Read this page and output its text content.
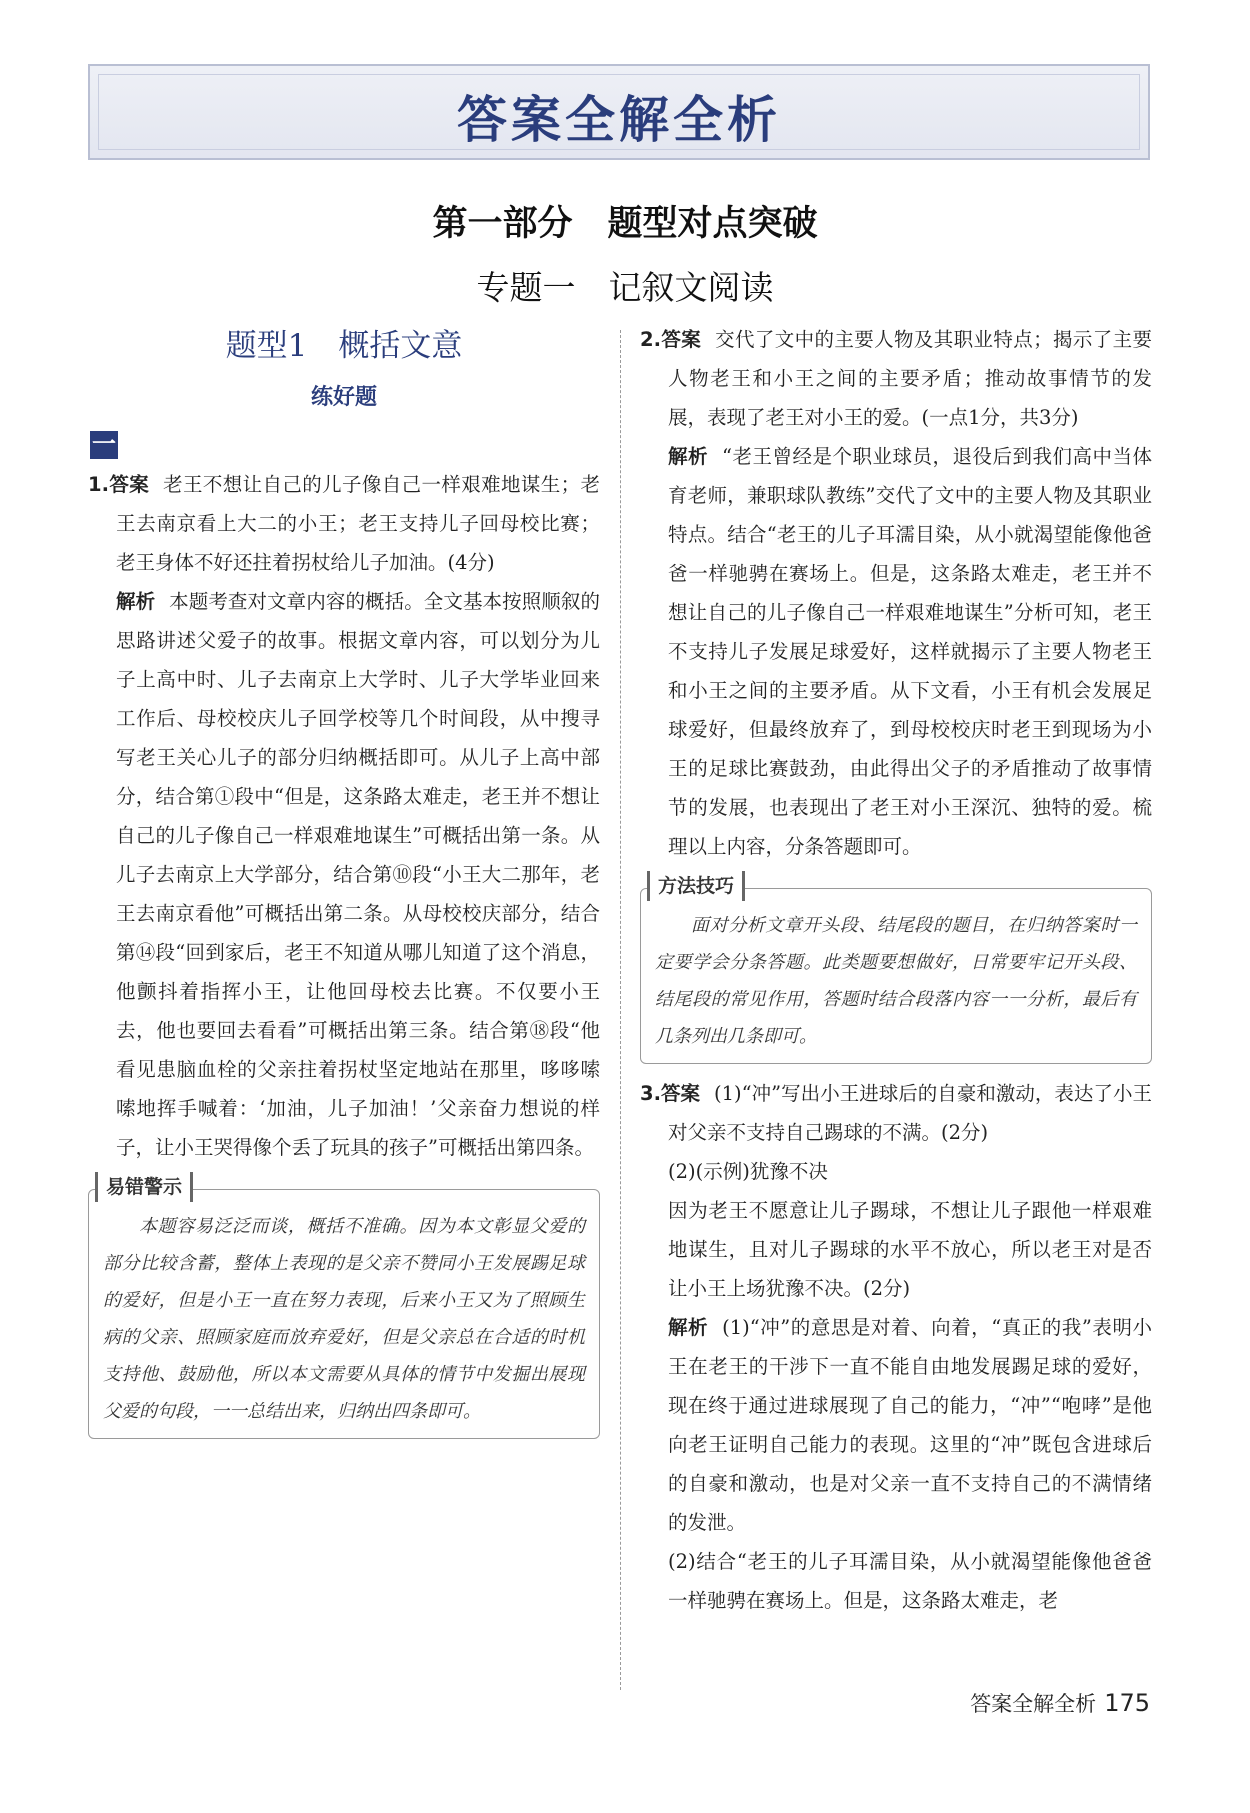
答案全解全析
第一部分　题型对点突破
专题一　记叙文阅读
题型1　概括文意
练好题
一

1.答案 老王不想让自己的儿子像自己一样艰难地谋生；老王去南京看上大二的小王；老王支持儿子回母校比赛；老王身体不好还拄着拐杖给儿子加油。(4分)

解析 本题考查对文章内容的概括。全文基本按照顺叙的思路讲述父爱子的故事。根据文章内容，可以划分为儿子上高中时、儿子去南京上大学时、儿子大学毕业回来工作后、母校校庆儿子回学校等几个时间段，从中搜寻写老王关心儿子的部分归纳概括即可。从儿子上高中部分，结合第①段中“但是，这条路太难走，老王并不想让自己的儿子像自己一样艰难地谋生”可概括出第一条。从儿子去南京上大学部分，结合第⑩段“小王大二那年，老王去南京看他”可概括出第二条。从母校校庆部分，结合第⑭段“回到家后，老王不知道从哪儿知道了这个消息，他颤抖着指挥小王，让他回母校去比赛。不仅要小王去，他也要回去看看”可概括出第三条。结合第⑱段“他看见患脑血栓的父亲拄着拐杖坚定地站在那里，哆哆嗦嗦地挥手喊着：‘加油，儿子加油！’父亲奋力想说的样子，让小王哭得像个丢了玩具的孩子”可概括出第四条。

易错警示

本题容易泛泛而谈，概括不准确。因为本文彰显父爱的部分比较含蓄，整体上表现的是父亲不赞同小王发展踢足球的爱好，但是小王一直在努力表现，后来小王又为了照顾生病的父亲、照顾家庭而放弃爱好，但是父亲总在合适的时机支持他、鼓励他，所以本文需要从具体的情节中发掘出展现父爱的句段，一一总结出来，归纳出四条即可。

2.答案 交代了文中的主要人物及其职业特点；揭示了主要人物老王和小王之间的主要矛盾；推动故事情节的发展，表现了老王对小王的爱。(一点1分，共3分)

解析 “老王曾经是个职业球员，退役后到我们高中当体育老师，兼职球队教练”交代了文中的主要人物及其职业特点。结合“老王的儿子耳濡目染，从小就渴望能像他爸爸一样驰骋在赛场上。但是，这条路太难走，老王并不想让自己的儿子像自己一样艰难地谋生”分析可知，老王不支持儿子发展足球爱好，这样就揭示了主要人物老王和小王之间的主要矛盾。从下文看，小王有机会发展足球爱好，但最终放弃了，到母校校庆时老王到现场为小王的足球比赛鼓劲，由此得出父子的矛盾推动了故事情节的发展，也表现出了老王对小王深沉、独特的爱。梳理以上内容，分条答题即可。

方法技巧

面对分析文章开头段、结尾段的题目，在归纳答案时一定要学会分条答题。此类题要想做好，日常要牢记开头段、结尾段的常见作用，答题时结合段落内容一一分析，最后有几条列出几条即可。

3.答案 (1)“冲”写出小王进球后的自豪和激动，表达了小王对父亲不支持自己踢球的不满。(2分)

(2)(示例)犹豫不决

因为老王不愿意让儿子踢球，不想让儿子跟他一样艰难地谋生，且对儿子踢球的水平不放心，所以老王对是否让小王上场犹豫不决。(2分)

解析 (1)“冲”的意思是对着、向着，“真正的我”表明小王在老王的干涉下一直不能自由地发展踢足球的爱好，现在终于通过进球展现了自己的能力，“冲”“咆哮”是他向老王证明自己能力的表现。这里的“冲”既包含进球后的自豪和激动，也是对父亲一直不支持自己的不满情绪的发泄。

(2)结合“老王的儿子耳濡目染，从小就渴望能像他爸爸一样驰骋在赛场上。但是，这条路太难走，老

答案全解全析 175
